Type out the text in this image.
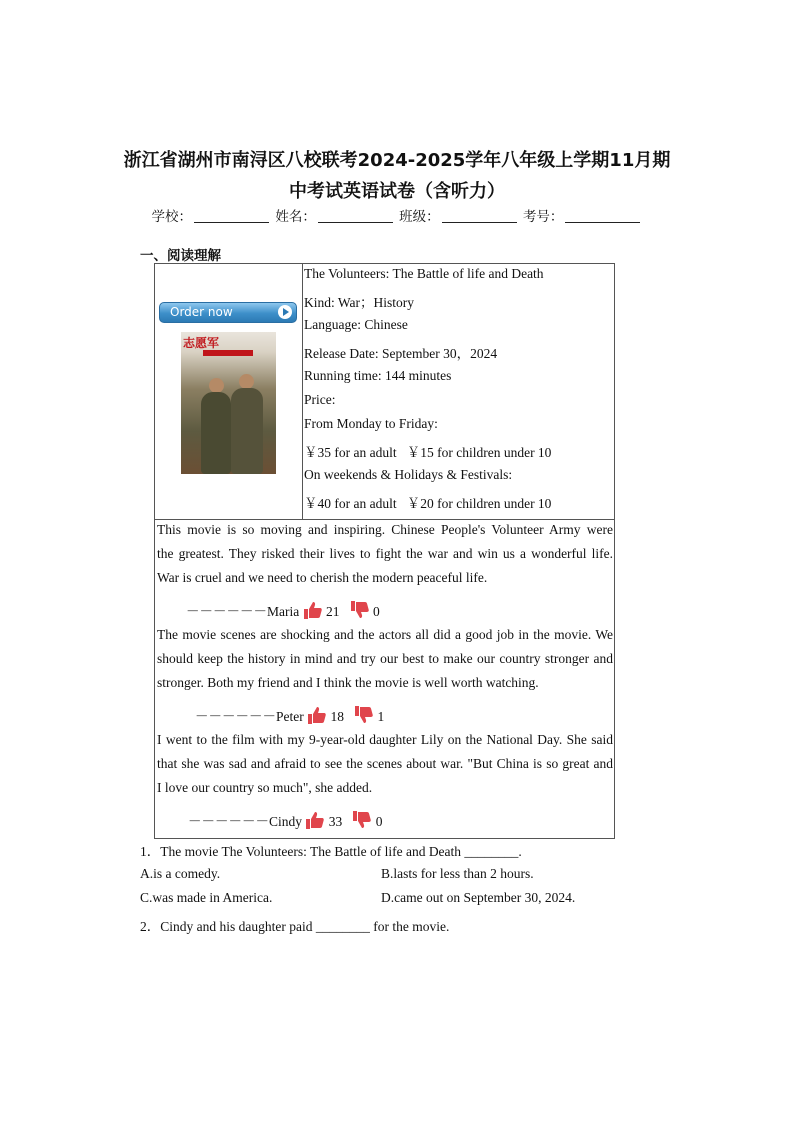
浙江省湖州市南浔区八校联考2024-2025学年八年级上学期11月期
中考试英语试卷（含听力）
学校：	姓名：	班级：	考号：
一、阅读理解
Order now
志愿军
The Volunteers: The Battle of life and Death
Kind: War；History
Language: Chinese
Release Date: September 30，2024
Running time: 144 minutes
Price:
From Monday to Friday:
￥35 for an adult   ￥15 for children under 10
On weekends & Holidays & Festivals:
￥40 for an adult   ￥20 for children under 10
This movie is so moving and inspiring. Chinese People's Volunteer Army were
the greatest. They risked their lives to fight the war and win us a wonderful life.
War is cruel and we need to cherish the modern peaceful life.
－－－－－－Maria 21 0
The movie scenes are shocking and the actors all did a good job in the movie. We
should keep the history in mind and try our best to make our country stronger and
stronger. Both my friend and I think the movie is well worth watching.
－－－－－－Peter 18 1
I went to the film with my 9-year-old daughter Lily on the National Day. She said
that she was sad and afraid to see the scenes about war. "But China is so great and
I love our country so much", she added.
－－－－－－Cindy 33 0
1．The movie The Volunteers: The Battle of life and Death ________.
A.is a comedy.	B.lasts for less than 2 hours.
C.was made in America.	D.came out on September 30, 2024.
2．Cindy and his daughter paid ________ for the movie.
